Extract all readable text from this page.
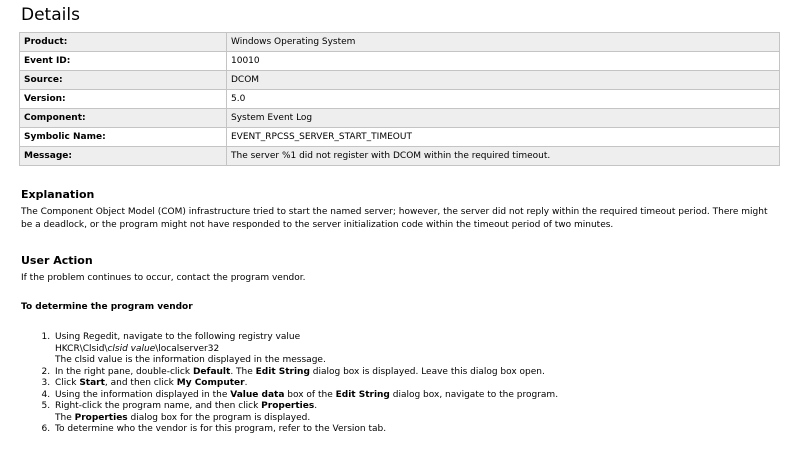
Details
Product:	Windows Operating System
Event ID:	10010
Source:	DCOM
Version:	5.0
Component:	System Event Log
Symbolic Name:	EVENT_RPCSS_SERVER_START_TIMEOUT
Message:	The server %1 did not register with DCOM within the required timeout.
Explanation

The Component Object Model (COM) infrastructure tried to start the named server; however, the server did not reply within the required timeout period. There might be a deadlock, or the program might not have responded to the server initialization code within the timeout period of two minutes.

User Action

If the problem continues to occur, contact the program vendor.

To determine the program vendor
1. Using Regedit, navigate to the following registry value
HKCR\Clsid\clsid value\localserver32
The clsid value is the information displayed in the message.
2. In the right pane, double-click Default. The Edit String dialog box is displayed. Leave this dialog box open.
3. Click Start, and then click My Computer.
4. Using the information displayed in the Value data box of the Edit String dialog box, navigate to the program.
5. Right-click the program name, and then click Properties.
The Properties dialog box for the program is displayed.
6. To determine who the vendor is for this program, refer to the Version tab.
